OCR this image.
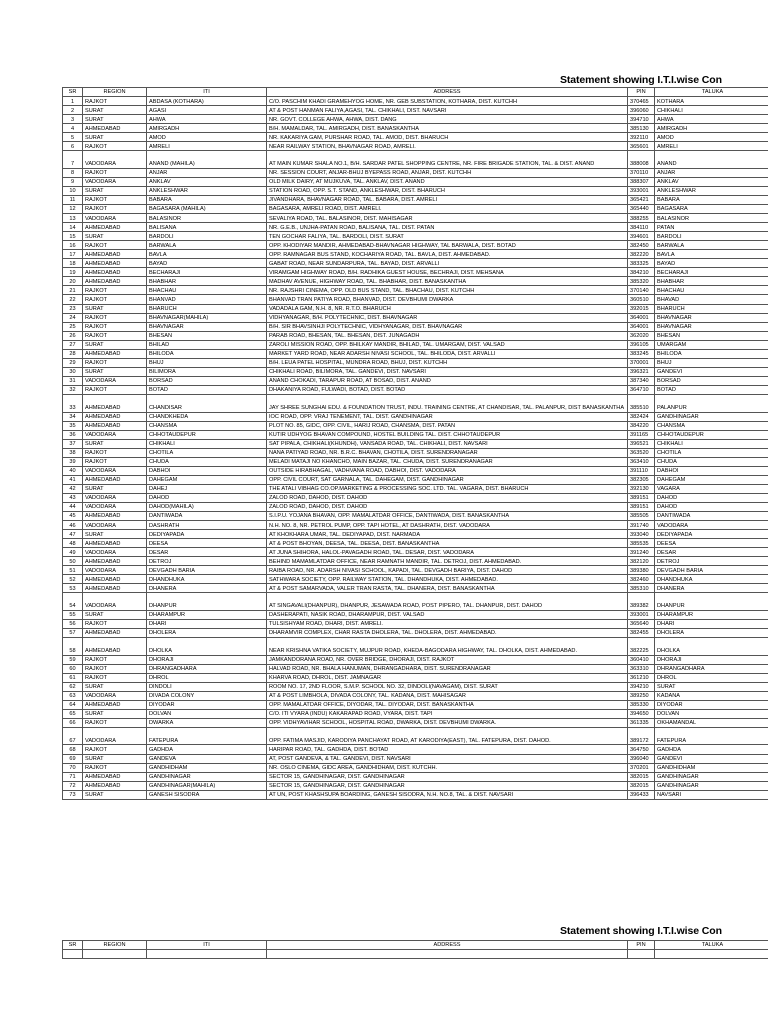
Statement showing I.T.I.wise Con
SR	REGION	ITI	ADDRESS	PIN	TALUKA
1	RAJKOT	ABDASA (KOTHARA)	C/O. PASCHIM KHADI GRAMEHYOG HOME, NR. GEB SUBSTATION, KOTHARA, DIST. KUTCHH	370465	KOTHARA
2	SURAT	AGASI	AT & POST HANMAN FALIYA,AGASI, TAL. CHIKHALI, DIST. NAVSARI	396060	CHIKHALI
3	SURAT	AHWA	NR. GOVT. COLLEGE AHWA, AHWA, DIST. DANG	394710	AHWA
4	AHMEDABAD	AMIRGADH	B/H. MAMALDAR, TAL. AMIRGADH, DIST. BANASKANTHA	385130	AMIRGADH
5	SURAT	AMOD	NR. KAKARIYA GAM, PURSHAR ROAD, TAL. AMOD, DIST. BHARUCH	392110	AMOD
6	RAJKOT	AMRELI	NEAR RAILWAY STATION, BHAVNAGAR ROAD, AMRELI.	365601	AMRELI
7	VADODARA	ANAND (MAHILA)	AT MAIN KUMAR SHALA NO.1, B/H. SARDAR PATEL SHOPPING CENTRE, NR. FIRE BRIGADE STATION, TAL. & DIST. ANAND	388008	ANAND
8	RAJKOT	ANJAR	NR. SESSION COURT, ANJAR-BHUJ BYEPASS ROAD, ANJAR, DIST. KUTCHH	370110	ANJAR
9	VADODARA	ANKLAV	OLD MILK DAIRY, AT MUJKUVA, TAL. ANKLAV, DIST. ANAND	388307	ANKLAV
10	SURAT	ANKLESHWAR	STATION ROAD, OPP. S.T. STAND, ANKLESHWAR, DIST. BHARUCH	393001	ANKLESHWAR
11	RAJKOT	BABARA	JIVANDHARA, BHAVNAGAR ROAD, TAL. BABARA, DIST. AMRELI	365421	BABARA
12	RAJKOT	BAGASARA (MAHILA)	BAGASARA, AMRELI ROAD, DIST. AMRELI.	365440	BAGASARA
13	VADODARA	BALASINOR	SEVALIYA ROAD, TAL. BALASINOR, DIST. MAHISAGAR	388255	BALASINOR
14	AHMEDABAD	BALISANA	NR. G.E.B., UNJHA-PATAN ROAD, BALISANA, TAL. DIST. PATAN	384110	PATAN
15	SURAT	BARDOLI	TEN GOCHAR FALIYA, TAL. BARDOLI, DIST. SURAT	394601	BARDOLI
16	RAJKOT	BARWALA	OPP. KHODIYAR MANDIR, AHMEDABAD-BHAVNAGAR HIGHWAY, TAL BARWALA, DIST. BOTAD	382450	BARWALA
17	AHMEDABAD	BAVLA	OPP. RAMNAGAR BUS STAND, KOCHARIYA ROAD, TAL. BAVLA, DIST. AHMEDABAD.	382220	BAVLA
18	AHMEDABAD	BAYAD	GABAT ROAD, NEAR SUNDARPURA, TAL. BAYAD, DIST. ARVALLI	383325	BAYAD
19	AHMEDABAD	BECHARAJI	VIRAMGAM HIGHWAY ROAD, B/H. RADHIKA GUEST HOUSE, BECHRAJI, DIST. MEHSANA	384210	BECHARAJI
20	AHMEDABAD	BHABHAR	MADHAV AVENUE, HIGHWAY ROAD, TAL. BHABHAR, DIST. BANASKANTHA	385320	BHABHAR
21	RAJKOT	BHACHAU	NR. RAJSHRI CINEMA, OPP. OLD BUS STAND, TAL. BHACHAU, DIST. KUTCHH	370140	BHACHAU
22	RAJKOT	BHANVAD	BHANVAD TRAN PATIYA ROAD, BHANVAD, DIST. DEVBHUMI DWARKA	360510	BHAVAD
23	SURAT	BHARUCH	VADADALA GAM, N.H. 8, NR. R.T.O. BHARUCH	392015	BHARUCH
24	RAJKOT	BHAVNAGAR(MAHILA)	VIDHYANAGAR, B/H. POLYTECHNIC, DIST. BHAVNAGAR	364001	BHAVNAGAR
25	RAJKOT	BHAVNAGAR	B/H. SIR BHAVSINHJI POLYTECHNIC, VIDHYANAGAR, DIST. BHAVNAGAR	364001	BHAVNAGAR
26	RAJKOT	BHESAN	PARAB ROAD, BHESAN, TAL. BHESAN, DIST. JUNAGADH	362020	BHESAN
27	SURAT	BHILAD	ZAROLI MISSION ROAD, OPP. BHILKAY MANDIR, BHILAD, TAL. UMARGAM, DIST. VALSAD	396105	UMARGAM
28	AHMEDABAD	BHILODA	MARKET YARD ROAD, NEAR ADARSH NIVASI SCHOOL, TAL. BHILODA, DIST. ARVALLI	383245	BHILODA
29	RAJKOT	BHUJ	B/H. LEUA PATEL HOSPITAL, MUNDRA ROAD, BHUJ, DIST. KUTCHH	370001	BHUJ
30	SURAT	BILIMORA	CHIKHALI ROAD, BILIMORA, TAL. GANDEVI, DIST. NAVSARI	396321	GANDEVI
31	VADODARA	BORSAD	ANAND CHOKADI, TARAPUR ROAD, AT BOSAD, DIST. ANAND	387340	BORSAD
32	RAJKOT	BOTAD	DHAKANIYA ROAD, FULWADI, BOTAD, DIST. BOTAD	364710	BOTAD
33	AHMEDABAD	CHANDISAR	JAY SHREE SUNGHAI EDU. & FOUNDATION TRUST, INDU. TRAINING CENTRE, AT CHANDISAR, TAL. PALANPUR, DIST BANASKANTHA	385510	PALANPUR
34	AHMEDABAD	CHANDKHEDA	IOC ROAD, OPP. VRAJ TENEMENT, TAL. DIST. GANDHINAGAR	382424	GANDHINAGAR
35	AHMEDABAD	CHANSMA	PLOT NO. 85, GIDC, OPP. CIVIL, HARIJ ROAD, CHANSMA, DIST. PATAN	384220	CHANSMA
36	VADODARA	CHHOTAUDEPUR	KUTIR UDHYOG BHAVAN COMPOUND, HOSTEL BUILDING TAL. DIST. CHHOTAUDEPUR	391165	CHHOTAUDEPUR
37	SURAT	CHIKHALI	SAT PIPALA, CHIKHALI(KHUNDH), VANSADA ROAD, TAL. CHIKHALI, DIST. NAVSARI	396521	CHIKHALI
38	RAJKOT	CHOTILA	NANA PATIYAD ROAD, NR. B.R.C. BHAVAN, CHOTILA, DIST. SURENDRANAGAR	363520	CHOTILA
39	RAJKOT	CHUDA	MELADI MATAJI NO KHANCHO, MAIN BAZAR, TAL. CHUDA, DIST. SURENDRANAGAR	363410	CHUDA
40	VADODARA	DABHOI	OUTSIDE HIRABHAGAL, VADHVANA ROAD, DABHOI, DIST. VADODARA	391110	DABHOI
41	AHMEDABAD	DAHEGAM	OPP. CIVIL COURT, SAT GARNALA, TAL. DAHEGAM, DIST. GANDHINAGAR	382305	DAHEGAM
42	SURAT	DAHEJ	THE ATALI VIBHAG CO.OP.MARKETING & PROCESSING SOC. LTD. TAL. VAGARA, DIST. BHARUCH	392130	VAGARA
43	VADODARA	DAHOD	ZALOD ROAD, DAHOD, DIST. DAHOD	389151	DAHOD
44	VADODARA	DAHOD(MAHILA)	ZALOD ROAD, DAHOD, DIST. DAHOD	389151	DAHOD
45	AHMEDABAD	DANTIWADA	S.I.P.U. YOJANA BHAVAN, OPP. MAMALATDAR OFFICE, DANTIWADA, DIST. BANASKANTHA	385505	DANTIWADA
46	VADODARA	DASHRATH	N.H. NO. 8, NR. PETROL PUMP, OPP. TAPI HOTEL, AT DASHRATH, DIST. VADODARA	391740	VADODARA
47	SURAT	DEDIYAPADA	AT KHOKHARA UMAR, TAL. DEDIYAPAD, DIST. NARMADA	393040	DEDIYAPADA
48	AHMEDABAD	DEESA	AT & POST BHOYAN, DEESA, TAL. DEESA, DIST. BANASKANTHA	385535	DEESA
49	VADODARA	DESAR	AT JUNA SHIHORA, HALOL-PAVAGADH ROAD, TAL. DESAR, DIST. VADODARA	391240	DESAR
50	AHMEDABAD	DETROJ	BEHIND MAMAMLATDAR OFFICE, NEAR RAMNATH MANDIR, TAL. DETROJ, DIST. AHMEDABAD.	382120	DETROJ
51	VADODARA	DEVGADH BARIA	RAIBA ROAD, NR. ADARSH NIVASI SCHOOL, KAPADI, TAL. DEVGADH BARIYA, DIST. DAHOD	389380	DEVGADH BARIA
52	AHMEDABAD	DHANDHUKA	SATHWARA SOCIETY, OPP. RAILWAY STATION, TAL. DHANDHUKA, DIST. AHMEDABAD.	382460	DHANDHUKA
53	AHMEDABAD	DHANERA	AT & POST SAMARVADA, VALER TRAN RASTA, TAL. DHANERA, DIST. BANASKANTHA	385310	DHANERA
54	VADODARA	DHANPUR	AT SINGAVALI(DHANPUR), DHANPUR, JESAWADA ROAD, POST PIPERO, TAL. DHANPUR, DIST. DAHOD	389382	DHANPUR
55	SURAT	DHARAMPUR	DASHERAPATI, NASIK ROAD, DHARAMPUR, DIST. VALSAD	393001	DHARAMPUR
56	RAJKOT	DHARI	TULSISHYAM ROAD, DHARI, DIST. AMRELI.	365640	DHARI
57	AHMEDABAD	DHOLERA	DHARAMVIR COMPLEX, CHAR RASTA DHOLERA, TAL. DHOLERA, DIST. AHMEDABAD.	382455	DHOLERA
58	AHMEDABAD	DHOLKA	NEAR KRISHNA VATIKA SOCIETY, MUJPUR ROAD, KHEDA-BAGODARA HIGHWAY, TAL. DHOLKA, DIST. AHMEDABAD.	382225	DHOLKA
59	RAJKOT	DHORAJI	JAMKANDORANA ROAD, NR. OVER BRIDGE, DHORAJI, DIST. RAJKOT	360410	DHORAJI
60	RAJKOT	DHRANGADHARA	HALVAD ROAD, NR. BHALA HANUMAN, DHRANGADHARA, DIST. SURENDRANAGAR	363310	DHRANGADHARA
61	RAJKOT	DHROL	KHARVA ROAD, DHROL, DIST. JAMNAGAR	361210	DHROL
62	SURAT	DINDOLI	ROOM NO. 17, 2ND FLOOR, S.M.P. SCHOOL NO. 32, DINDOLI(NAVAGAM), DIST. SURAT	394210	SURAT
63	VADODARA	DIVADA COLONY	AT & POST LIMBHOLA, DIVADA COLONY, TAL. KADANA, DIST. MAHISAGAR	389250	KADANA
64	AHMEDABAD	DIYODAR	OPP. MAMALATDAR OFFICE, DIYODAR, TAL. DIYODAR, DIST. BANASKANTHA	385330	DIYODAR
65	SURAT	DOLVAN	C/O. ITI VYARA (INDU) KAKARAPAD ROAD, VYARA, DIST. TAPI	394650	DOLVAN
66	RAJKOT	DWARKA	OPP. VIDHYAVIHAR SCHOOL, HOSPITAL ROAD, DWARKA, DIST. DEVBHUMI DWARKA.	361335	OKHAMANDAL
67	VADODARA	FATEPURA	OPP. FATIMA MASJID, KARODIYA PANCHAYAT ROAD, AT KARODIYA(EAST), TAL. FATEPURA, DIST. DAHOD.	389172	FATEPURA
68	RAJKOT	GADHDA	HARIPAR ROAD, TAL. GADHDA, DIST. BOTAD	364750	GADHDA
69	SURAT	GANDEVA	AT, POST GANDEVA, & TAL. GANDEVI, DIST. NAVSARI	396040	GANDEVI
70	RAJKOT	GANDHIDHAM	NR. OSLO CINEMA, GIDC AREA, GANDHIDHAM, DIST. KUTCHH.	370201	GANDHIDHAM
71	AHMEDABAD	GANDHINAGAR	SECTOR 15, GANDHINAGAR, DIST. GANDHINAGAR	382015	GANDHINAGAR
72	AHMEDABAD	GANDHINAGAR(MAHILA)	SECTOR 15, GANDHINAGAR, DIST. GANDHINAGAR	382015	GANDHINAGAR
73	SURAT	GANESH SISODRA	AT UN, POST KHASHSUPA BOARDING, GANESH SISODRA, N.H. NO.8, TAL. & DIST. NAVSARI	396433	NAVSARI
Statement showing I.T.I.wise Con
SR	REGION	ITI	ADDRESS	PIN	TALUKA
